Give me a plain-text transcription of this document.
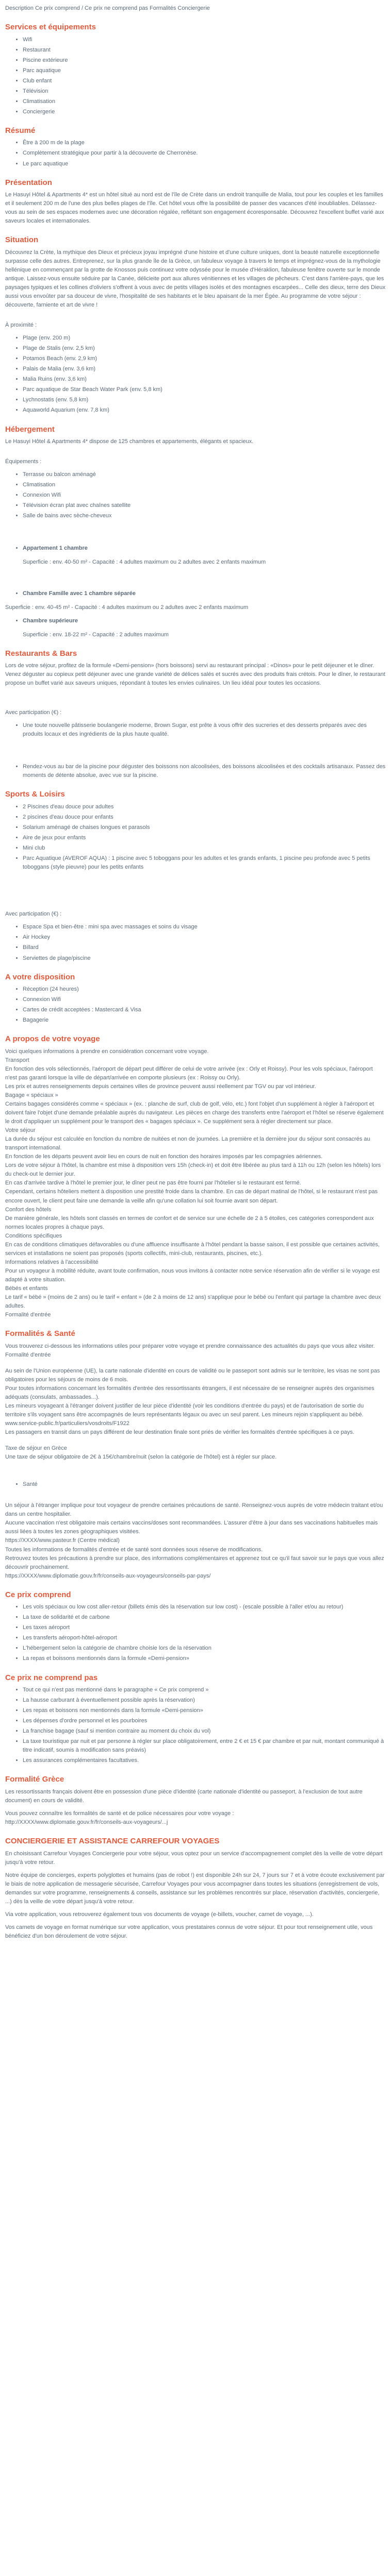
Description Ce prix comprend / Ce prix ne comprend pas Formalités Conciergerie
Services et équipements
• Wifi
• Restaurant
• Piscine extérieure
• Parc aquatique
• Club enfant
• Télévision
• Climatisation
• Conciergerie
Résumé
• Être à 200 m de la plage
• Complètement stratégique pour partir à la découverte de Cherronèse.
• Le parc aquatique
Présentation

Le Hasuyi Hôtel & Apartments 4* est un hôtel situé au nord est de l'île de Crète dans un endroit tranquille de Malia, tout pour les couples et les familles et il seulement 200 m de l'une des plus belles plages de l'île. Cet hôtel vous offre la possibilité de passer des vacances d'été inoubliables. Délassez-vous au sein de ses espaces modernes avec une décoration régalée, reflétant son engagement écoresponsable. Découvrez l'excellent buffet varié aux saveurs locales et internationales.

Situation

Découvrez la Crète, la mythique des Dieux et précieux joyau imprégné d'une histoire et d'une culture uniques, dont la beauté naturelle exceptionnelle surpasse celle des autres. Entreprenez, sur la plus grande île de la Grèce, un fabuleux voyage à travers le temps et imprégnez-vous de la mythologie hellénique en commençant par la grotte de Knossos puis continuez votre odyssée pour le musée d'Héraklion, fabuleuse fenêtre ouverte sur le monde antique. Laissez-vous ensuite séduire par la Canée, délicieite port aux allures vénitiennes et les villages de pêcheurs. C'est dans l'arrière-pays, que les paysages typiques et les collines d'oliviers s'offrent à vous avec de petits villages isolés et des montagnes escarpées... Celle des dieux, terre des Dieux aussi vous envoûter par sa douceur de vivre, l'hospitalité de ses habitants et le bleu apaisant de la mer Égée. Au programme de votre séjour : découverte, farniente et art de vivre !

À proximité :

• Plage (env. 200 m)
• Plage de Stalis (env. 2,5 km)
• Potamos Beach (env. 2,9 km)
• Palais de Malia (env. 3,6 km)
• Malia Ruins (env. 3,6 km)
• Parc aquatique de Star Beach Water Park (env. 5,8 km)
• Lychnostatis (env. 5,8 km)
• Aquaworld Aquarium (env. 7,8 km)
Hébergement

Le Hasuyi Hôtel & Apartments 4* dispose de 125 chambres et appartements, élégants et spacieux.

Équipements :

• Terrasse ou balcon aménagé
• Climatisation
• Connexion Wifi
• Télévision écran plat avec chaînes satellite
• Salle de bains avec sèche-cheveux
• Appartement 1 chambre

Superficie : env. 40-50 m² - Capacité : 4 adultes maximum ou 2 adultes avec 2 enfants maximum

• Chambre Famille avec 1 chambre séparée

Superficie : env. 40-45 m² - Capacité : 4 adultes maximum ou 2 adultes avec 2 enfants maximum

• Chambre supérieure

Superficie : env. 18-22 m² - Capacité : 2 adultes maximum

Restaurants & Bars

Lors de votre séjour, profitez de la formule «Demi-pension» (hors boissons) servi au restaurant principal : «Dinos» pour le petit déjeuner et le dîner. Venez déguster au copieux petit déjeuner avec une grande variété de délices salés et sucrés avec des produits frais crétois. Pour le dîner, le restaurant propose un buffet varié aux saveurs uniques, répondant à toutes les envies culinaires. Un lieu idéal pour toutes les occasions.

Avec participation (€) :

• Une toute nouvelle pâtisserie boulangerie moderne, Brown Sugar, est prête à vous offrir des sucreries et des desserts préparés avec des produits locaux et des ingrédients de la plus haute qualité.
• Rendez-vous au bar de la piscine pour déguster des boissons non alcoolisées, des boissons alcoolisées et des cocktails artisanaux. Passez des moments de détente absolue, avec vue sur la piscine.
Sports & Loisirs
• 2 Piscines d'eau douce pour adultes
• 2 piscines d'eau douce pour enfants
• Solarium aménagé de chaises longues et parasols
• Aire de jeux pour enfants
• Mini club
• Parc Aquatique (AVEROF AQUA) : 1 piscine avec 5 toboggans pour les adultes et les grands enfants, 1 piscine peu profonde avec 5 petits toboggans (style pieuvre) pour les petits enfants

Avec participation (€) :

• Espace Spa et bien-être : mini spa avec massages et soins du visage
• Air Hockey
• Billard
• Serviettes de plage/piscine
A votre disposition
• Réception (24 heures)
• Connexion Wifi
• Cartes de crédit acceptées : Mastercard & Visa
• Bagagerie
A propos de votre voyage

Voici quelques informations à prendre en considération concernant votre voyage.

Transport

En fonction des vols sélectionnés, l'aéroport de départ peut différer de celui de votre arrivée (ex : Orly et Roissy). Pour les vols spéciaux, l'aéroport n'est pas garanti lorsque la ville de départ/arrivée en comporte plusieurs (ex : Roissy ou Orly).

Les prix et autres renseignements depuis certaines villes de province peuvent aussi réellement par TGV ou par vol intérieur.

Bagage « spéciaux »

Certains bagages considérés comme « spéciaux » (ex. : planche de surf, club de golf, vélo, etc.) font l'objet d'un supplément à régler à l'aéroport et doivent faire l'objet d'une demande préalable auprès du navigateur. Les pièces en charge des transferts entre l'aéroport et l'hôtel se réserve également le droit d'appliquer un supplément pour le transport des « bagages spéciaux ». Ce supplément sera à régler directement sur place.

Votre séjour

La durée du séjour est calculée en fonction du nombre de nuitées et non de journées. La première et la dernière jour du séjour sont consacrés au transport international.

En fonction de les départs peuvent avoir lieu en cours de nuit en fonction des horaires imposés par les compagnies aériennes.

Lors de votre séjour à l'hôtel, la chambre est mise à disposition vers 15h (check-in) et doit être libérée au plus tard à 11h ou 12h (selon les hôtels) lors du check-out le dernier jour.

En cas d'arrivée tardive à l'hôtel le premier jour, le dîner peut ne pas être fourni par l'hôtelier si le restaurant est fermé.

Cependant, certains hôteliers mettent à disposition une prestité froide dans la chambre. En cas de départ matinal de l'hôtel, si le restaurant n'est pas encore ouvert, le client peut faire une demande la veille afin qu'une collation lui soit fournie avant son départ.

Confort des hôtels

De manière générale, les hôtels sont classés en termes de confort et de service sur une échelle de 2 à 5 étoiles, ces catégories correspondent aux normes locales propres à chaque pays.

Conditions spécifiques

En cas de conditions climatiques défavorables ou d'une affluence insuffisante à l'hôtel pendant la basse saison, il est possible que certaines activités, services et installations ne soient pas proposés (sports collectifs, mini-club, restaurants, piscines, etc.).

Informations relatives à l'accessibilité

Pour un voyageur à mobilité réduite, avant toute confirmation, nous vous invitons à contacter notre service réservation afin de vérifier si le voyage est adapté à votre situation.

Bébés et enfants

Le tarif « bébé » (moins de 2 ans) ou le tarif « enfant » (de 2 à moins de 12 ans) s'applique pour le bébé ou l'enfant qui partage la chambre avec deux adultes.

Formalité d'entrée

Formalités & Santé

Vous trouverez ci-dessous les informations utiles pour préparer votre voyage et prendre connaissance des actualités du pays que vous allez visiter.

Formalité d'entrée

Au sein de l'Union européenne (UE), la carte nationale d'identité en cours de validité ou le passeport sont admis sur le territoire, les visas ne sont pas obligatoires pour les séjours de moins de 6 mois.

Pour toutes informations concernant les formalités d'entrée des ressortissants étrangers, il est nécessaire de se renseigner auprès des organismes adéquats (consulats, ambassades...).

Les mineurs voyageant à l'étranger doivent justifier de leur pièce d'identité (voir les conditions d'entrée du pays) et de l'autorisation de sortie du territoire s'ils voyagent sans être accompagnés de leurs représentants légaux ou avec un seul parent. Les mineurs rejoin s'appliquent au bébé.

www.service-public.fr/particuliers/vosdroits/F1922

Les passagers en transit dans un pays différent de leur destination finale sont priés de vérifier les formalités d'entrée spécifiques à ce pays.

Taxe de séjour en Grèce

Une taxe de séjour obligatoire de 2€ à 15€/chambre/nuit (selon la catégorie de l'hôtel) est à régler sur place.

• Santé

Un séjour à l'étranger implique pour tout voyageur de prendre certaines précautions de santé. Renseignez-vous auprès de votre médecin traitant et/ou dans un centre hospitalier.

Aucune vaccination n'est obligatoire mais certains vaccins/doses sont recommandées. L'assurer d'être à jour dans ses vaccinations habituelles mais aussi liées à toutes les zones géographiques visitées.

https://XXXX/www.pasteur.fr (Centre médical)

Toutes les informations de formalités d'entrée et de santé sont données sous réserve de modifications.

Retrouvez toutes les précautions à prendre sur place, des informations complémentaires et apprenez tout ce qu'il faut savoir sur le pays que vous allez découvrir prochainement.

https://XXXX/www.diplomatie.gouv.fr/fr/conseils-aux-voyageurs/conseils-par-pays/

Ce prix comprend
• Les vols spéciaux ou low cost aller-retour (billets émis dès la réservation sur low cost) - (escale possible à l'aller et/ou au retour)
• La taxe de solidarité et de carbone
• Les taxes aéroport
• Les transferts aéroport-hôtel-aéroport
• L'hébergement selon la catégorie de chambre choisie lors de la réservation
• La repas et boissons mentionnés dans la formule «Demi-pension»
Ce prix ne comprend pas
• Tout ce qui n'est pas mentionné dans le paragraphe « Ce prix comprend »
• La hausse carburant à éventuellement possible après la réservation)
• Les repas et boissons non mentionnés dans la formule «Demi-pension»
• Les dépenses d'ordre personnel et les pourboires
• La franchise bagage (sauf si mention contraire au moment du choix du vol)
• La taxe touristique par nuit et par personne à régler sur place obligatoirement, entre 2 € et 15 € par chambre et par nuit, montant communiqué à titre indicatif, soumis à modification sans préavis)
• Les assurances complémentaires facultatives.
Formalité Grèce

Les ressortissants français doivent être en possession d'une pièce d'identité (carte nationale d'identité ou passeport, à l'exclusion de tout autre document) en cours de validité.

Vous pouvez connaître les formalités de santé et de police nécessaires pour votre voyage :

http://XXXX/www.diplomatie.gouv.fr/fr/conseils-aux-voyageurs/...j

CONCIERGERIE ET ASSISTANCE CARREFOUR VOYAGES

En choisissant Carrefour Voyages Conciergerie pour votre séjour, vous optez pour un service d'accompagnement complet dès la veille de votre départ jusqu'à votre retour.

Notre équipe de concierges, experts polyglottes et humains (pas de robot !) est disponible 24h sur 24, 7 jours sur 7 et à votre écoute exclusivement par le biais de notre application de messagerie sécurisée, Carrefour Voyages pour vous accompagner dans toutes les situations (enregistrement de vols, demandes sur votre programme, renseignements & conseils, assistance sur les problèmes rencontrés sur place, réservation d'activités, conciergerie, ...) dès la veille de votre départ jusqu'à votre retour.

Via votre application, vous retrouverez également tous vos documents de voyage (e-billets, voucher, carnet de voyage, ...).

Vos carnets de voyage en format numérique sur votre application, vous prestataires connus de votre séjour. Et pour tout renseignement utile, vous bénéficiez d'un bon déroulement de votre séjour.
